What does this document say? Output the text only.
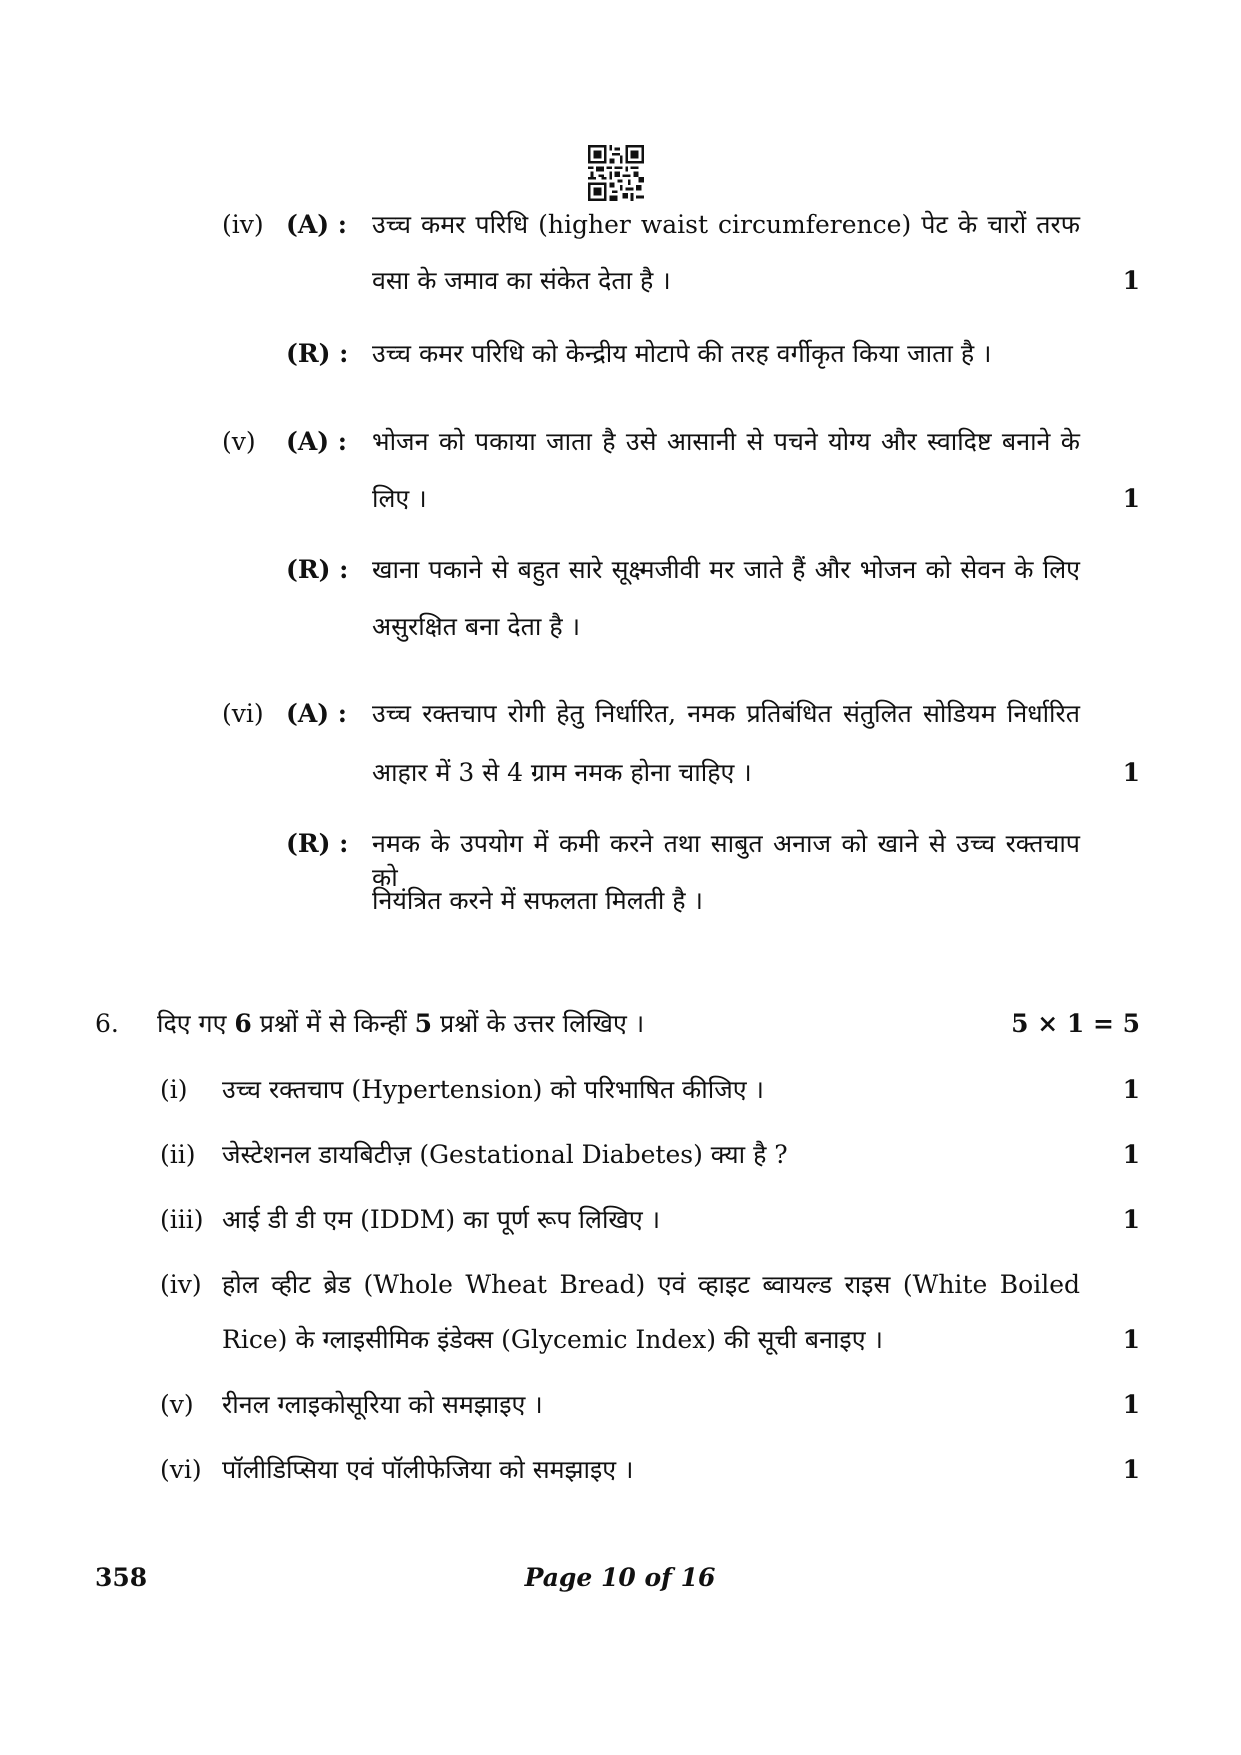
(iv) (A) : उच्च कमर परिधि (higher waist circumference) पेट के चारों तरफ
वसा के जमाव का संकेत देता है ।	1
(R) : उच्च कमर परिधि को केन्द्रीय मोटापे की तरह वर्गीकृत किया जाता है ।
(v) (A) : भोजन को पकाया जाता है उसे आसानी से पचने योग्य और स्वादिष्ट बनाने के
लिए ।	1
(R) : खाना पकाने से बहुत सारे सूक्ष्मजीवी मर जाते हैं और भोजन को सेवन के लिए
असुरक्षित बना देता है ।
(vi) (A) : उच्च रक्तचाप रोगी हेतु निर्धारित, नमक प्रतिबंधित संतुलित सोडियम निर्धारित
आहार में 3 से 4 ग्राम नमक होना चाहिए ।	1
(R) : नमक के उपयोग में कमी करने तथा साबुत अनाज को खाने से उच्च रक्तचाप को
नियंत्रित करने में सफलता मिलती है ।
6. दिए गए 6 प्रश्नों में से किन्हीं 5 प्रश्नों के उत्तर लिखिए ।	5 × 1 = 5
(i) उच्च रक्तचाप (Hypertension) को परिभाषित कीजिए ।	1
(ii) जेस्टेशनल डायबिटीज़ (Gestational Diabetes) क्या है ?	1
(iii) आई डी डी एम (IDDM) का पूर्ण रूप लिखिए ।	1
(iv) होल व्हीट ब्रेड (Whole Wheat Bread) एवं व्हाइट ब्वायल्ड राइस (White Boiled
Rice) के ग्लाइसीमिक इंडेक्स (Glycemic Index) की सूची बनाइए ।	1
(v) रीनल ग्लाइकोसूरिया को समझाइए ।	1
(vi) पॉलीडिप्सिया एवं पॉलीफेजिया को समझाइए ।	1
358	Page 10 of 16
